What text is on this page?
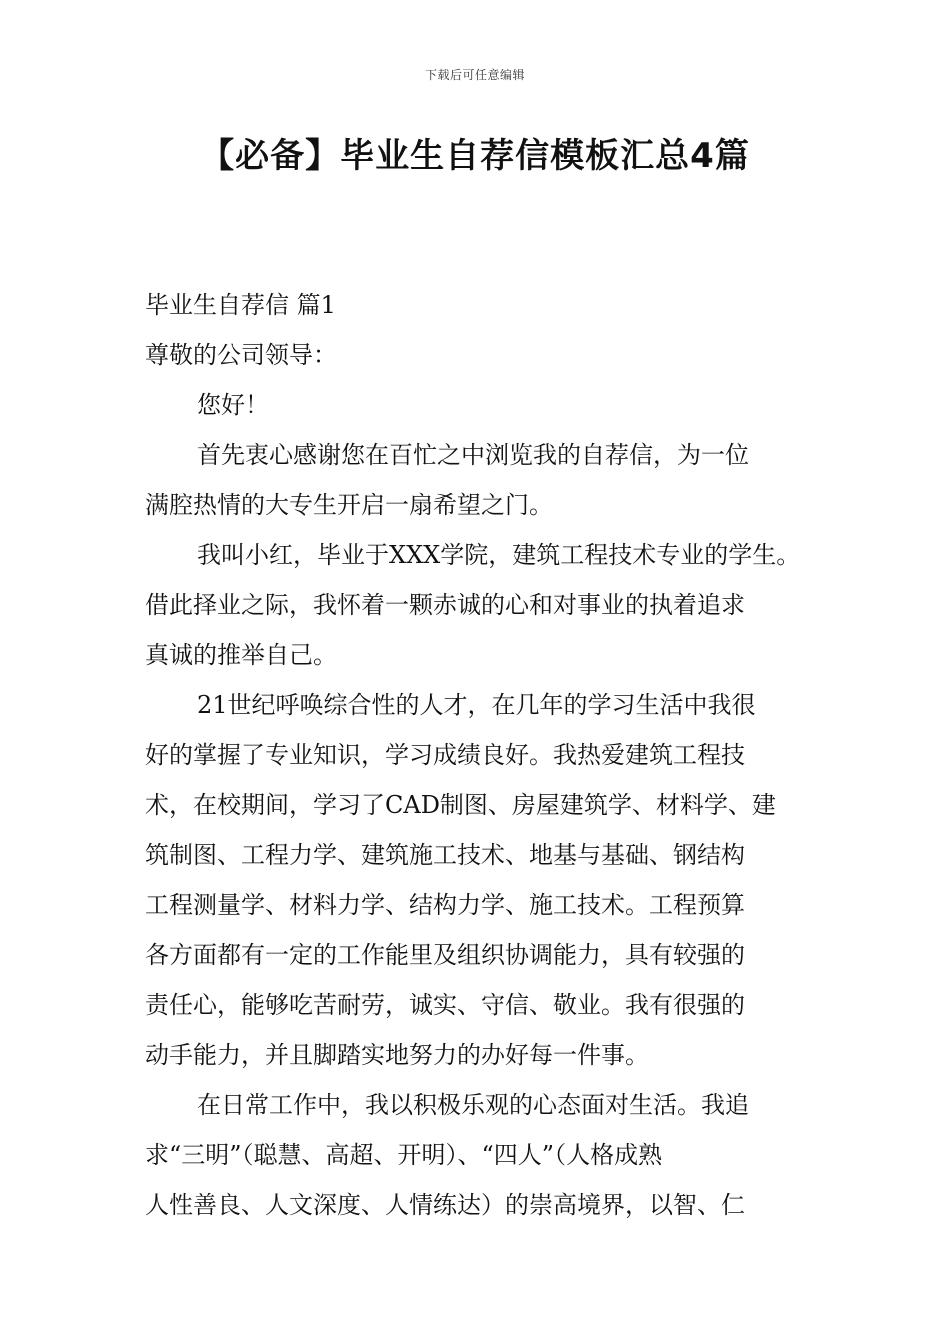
下载后可任意编辑
【必备】毕业生自荐信模板汇总4篇

毕业生自荐信 篇1

尊敬的公司领导：

您好！

首先衷心感谢您在百忙之中浏览我的自荐信，为一位

满腔热情的大专生开启一扇希望之门。

我叫小红，毕业于XXX学院，建筑工程技术专业的学生。

借此择业之际，我怀着一颗赤诚的心和对事业的执着追求

真诚的推举自己。

21世纪呼唤综合性的人才，在几年的学习生活中我很

好的掌握了专业知识，学习成绩良好。我热爱建筑工程技

术，在校期间，学习了CAD制图、房屋建筑学、材料学、建

筑制图、工程力学、建筑施工技术、地基与基础、钢结构

工程测量学、材料力学、结构力学、施工技术。工程预算

各方面都有一定的工作能里及组织协调能力，具有较强的

责任心，能够吃苦耐劳，诚实、守信、敬业。我有很强的

动手能力，并且脚踏实地努力的办好每一件事。

在日常工作中，我以积极乐观的心态面对生活。我追

求“三明”（聪慧、高超、开明）、“四人”（人格成熟

人性善良、人文深度、人情练达）的崇高境界，以智、仁
